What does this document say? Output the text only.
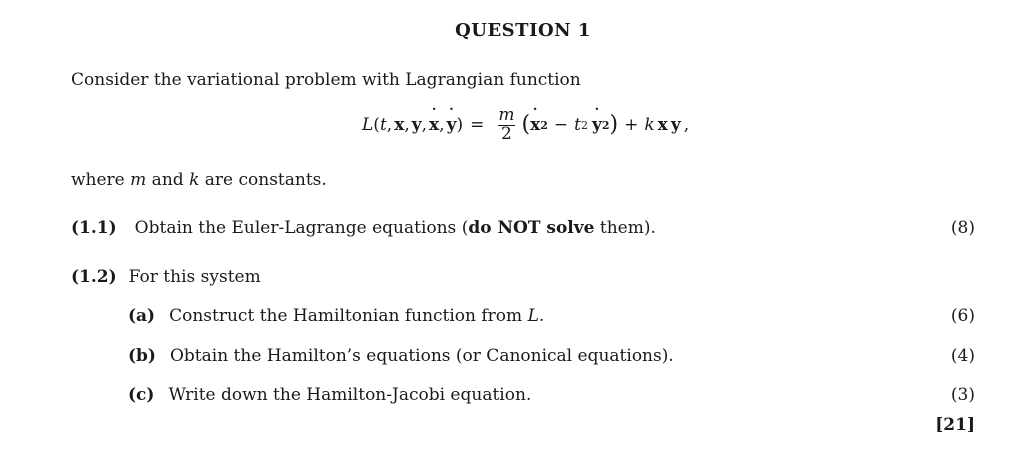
QUESTION 1
Consider the variational problem with Lagrangian function
L ( t , x , y , ˙ x , ˙ y ) = $\frac{m}{2}$ ( ˙ x 2 − t 2 ˙ y 2 ) + k x y ,
where m and k are constants.
(1.1) Obtain the Euler-Lagrange equations (do NOT solve them).	(8)
(1.2) For this system
(a) Construct the Hamiltonian function from L.	(6)
(b) Obtain the Hamilton’s equations (or Canonical equations).	(4)
(c) Write down the Hamilton-Jacobi equation.	(3)
[21]
